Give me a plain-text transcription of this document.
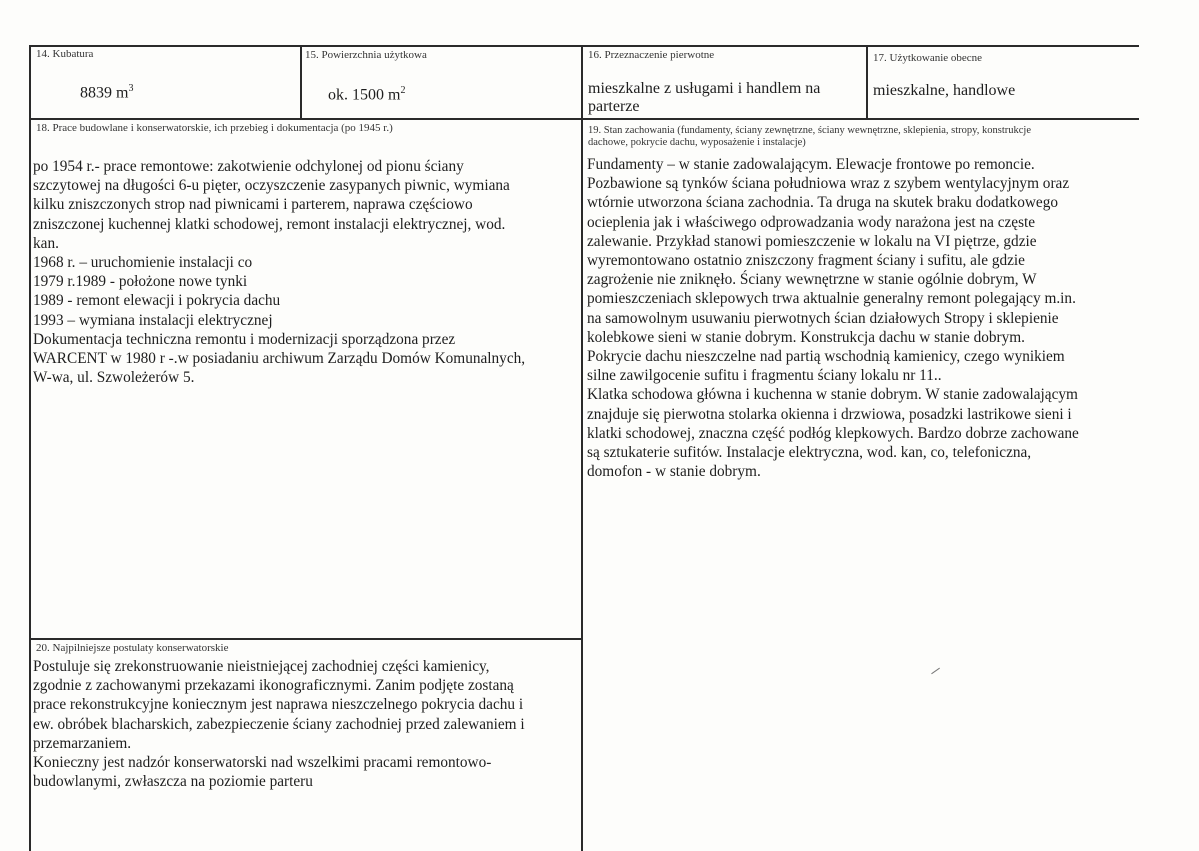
14. Kubatura
8839 $m^3$
15. Powierzchnia użytkowa
ok. 1500 $m^2$
16. Przeznaczenie pierwotne
mieszkalne z usługami i handlem na
parterze
17. Użytkowanie obecne
mieszkalne, handlowe
18. Prace budowlane i konserwatorskie, ich przebieg i dokumentacja (po 1945 r.)
po 1954 r.- prace remontowe: zakotwienie odchylonej od pionu ściany
szczytowej na długości 6-u pięter, oczyszczenie zasypanych piwnic, wymiana
kilku zniszczonych strop nad piwnicami i parterem, naprawa częściowo
zniszczonej kuchennej klatki schodowej, remont instalacji elektrycznej, wod.
kan.
1968 r. – uruchomienie instalacji co
1979 r.1989 - położone nowe tynki
1989 - remont elewacji i pokrycia dachu
1993 – wymiana instalacji elektrycznej
Dokumentacja techniczna remontu i modernizacji sporządzona przez
WARCENT w 1980 r -.w posiadaniu archiwum Zarządu Domów Komunalnych,
W-wa, ul. Szwoleżerów 5.
19. Stan zachowania (fundamenty, ściany zewnętrzne, ściany wewnętrzne, sklepienia, stropy, konstrukcje
dachowe, pokrycie dachu, wyposażenie i instalacje)
Fundamenty – w stanie zadowalającym. Elewacje frontowe po remoncie.
Pozbawione są tynków ściana południowa wraz z szybem wentylacyjnym oraz
wtórnie utworzona ściana zachodnia. Ta druga na skutek braku dodatkowego
ocieplenia jak i właściwego odprowadzania wody narażona jest na częste
zalewanie. Przykład stanowi pomieszczenie w lokalu na VI piętrze, gdzie
wyremontowano ostatnio zniszczony fragment ściany i sufitu, ale gdzie
zagrożenie nie zniknęło. Ściany wewnętrzne w stanie ogólnie dobrym, W
pomieszczeniach sklepowych trwa aktualnie generalny remont polegający m.in.
na samowolnym usuwaniu pierwotnych ścian działowych Stropy i sklepienie
kolebkowe sieni w stanie dobrym. Konstrukcja dachu w stanie dobrym.
Pokrycie dachu nieszczelne nad partią wschodnią kamienicy, czego wynikiem
silne zawilgocenie sufitu i fragmentu ściany lokalu nr 11..
Klatka schodowa główna i kuchenna w stanie dobrym. W stanie zadowalającym
znajduje się pierwotna stolarka okienna i drzwiowa, posadzki lastrikowe sieni i
klatki schodowej, znaczna część podłóg klepkowych. Bardzo dobrze zachowane
są sztukaterie sufitów. Instalacje elektryczna, wod. kan, co, telefoniczna,
domofon - w stanie dobrym.
20. Najpilniejsze postulaty konserwatorskie
Postuluje się zrekonstruowanie nieistniejącej zachodniej części kamienicy,
zgodnie z zachowanymi przekazami ikonograficznymi. Zanim podjęte zostaną
prace rekonstrukcyjne koniecznym jest naprawa nieszczelnego pokrycia dachu i
ew. obróbek blacharskich, zabezpieczenie ściany zachodniej przed zalewaniem i
przemarzaniem.
Konieczny jest nadzór konserwatorski nad wszelkimi pracami remontowo-
budowlanymi, zwłaszcza na poziomie parteru
